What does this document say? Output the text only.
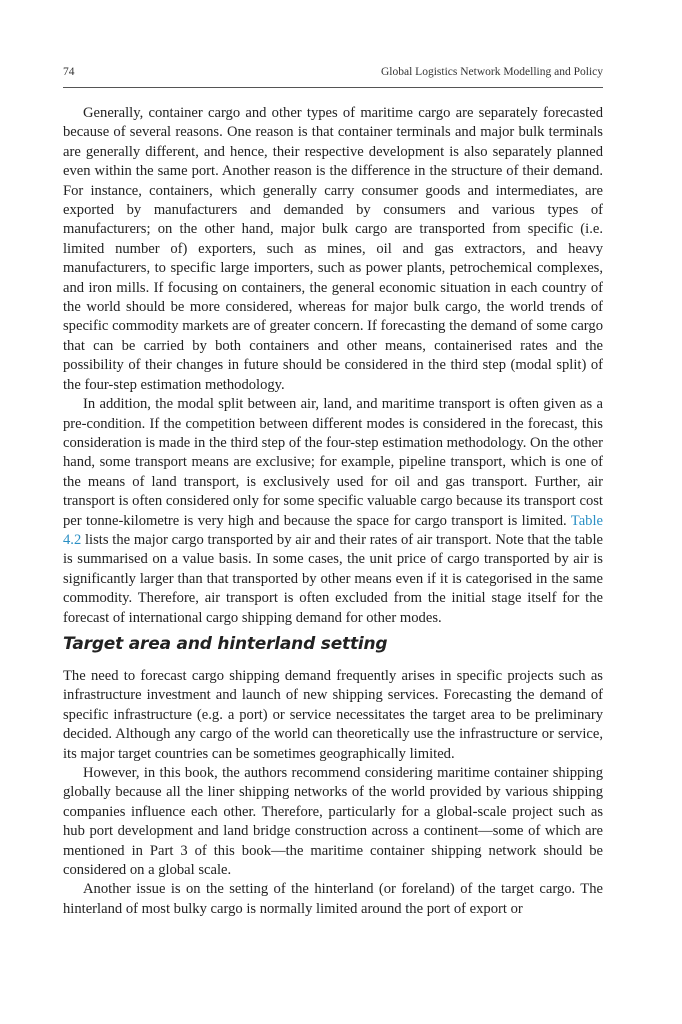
74	Global Logistics Network Modelling and Policy

Generally, container cargo and other types of maritime cargo are separately forecasted because of several reasons. One reason is that container terminals and major bulk terminals are generally different, and hence, their respective development is also separately planned even within the same port. Another reason is the difference in the structure of their demand. For instance, containers, which generally carry consumer goods and intermediates, are exported by manufacturers and demanded by consumers and various types of manufacturers; on the other hand, major bulk cargo are transported from specific (i.e. limited number of) exporters, such as mines, oil and gas extractors, and heavy manufacturers, to specific large importers, such as power plants, petrochemical complexes, and iron mills. If focusing on containers, the general economic situation in each country of the world should be more considered, whereas for major bulk cargo, the world trends of specific commodity markets are of greater concern. If forecasting the demand of some cargo that can be carried by both containers and other means, containerised rates and the possibility of their changes in future should be considered in the third step (modal split) of the four-step estimation methodology.

In addition, the modal split between air, land, and maritime transport is often given as a pre-condition. If the competition between different modes is considered in the forecast, this consideration is made in the third step of the four-step estimation methodology. On the other hand, some transport means are exclusive; for example, pipeline transport, which is one of the means of land transport, is exclusively used for oil and gas transport. Further, air transport is often considered only for some specific valuable cargo because its transport cost per tonne-kilometre is very high and because the space for cargo transport is limited. Table 4.2 lists the major cargo transported by air and their rates of air transport. Note that the table is summarised on a value basis. In some cases, the unit price of cargo transported by air is significantly larger than that transported by other means even if it is categorised in the same commodity. Therefore, air transport is often excluded from the initial stage itself for the forecast of international cargo shipping demand for other modes.

Target area and hinterland setting

The need to forecast cargo shipping demand frequently arises in specific projects such as infrastructure investment and launch of new shipping services. Forecasting the demand of specific infrastructure (e.g. a port) or service necessitates the target area to be preliminary decided. Although any cargo of the world can theoretically use the infrastructure or service, its major target countries can be sometimes geographically limited.

However, in this book, the authors recommend considering maritime container shipping globally because all the liner shipping networks of the world provided by various shipping companies influence each other. Therefore, particularly for a global-scale project such as hub port development and land bridge construction across a continent—some of which are mentioned in Part 3 of this book—the maritime container shipping network should be considered on a global scale.

Another issue is on the setting of the hinterland (or foreland) of the target cargo. The hinterland of most bulky cargo is normally limited around the port of export or
